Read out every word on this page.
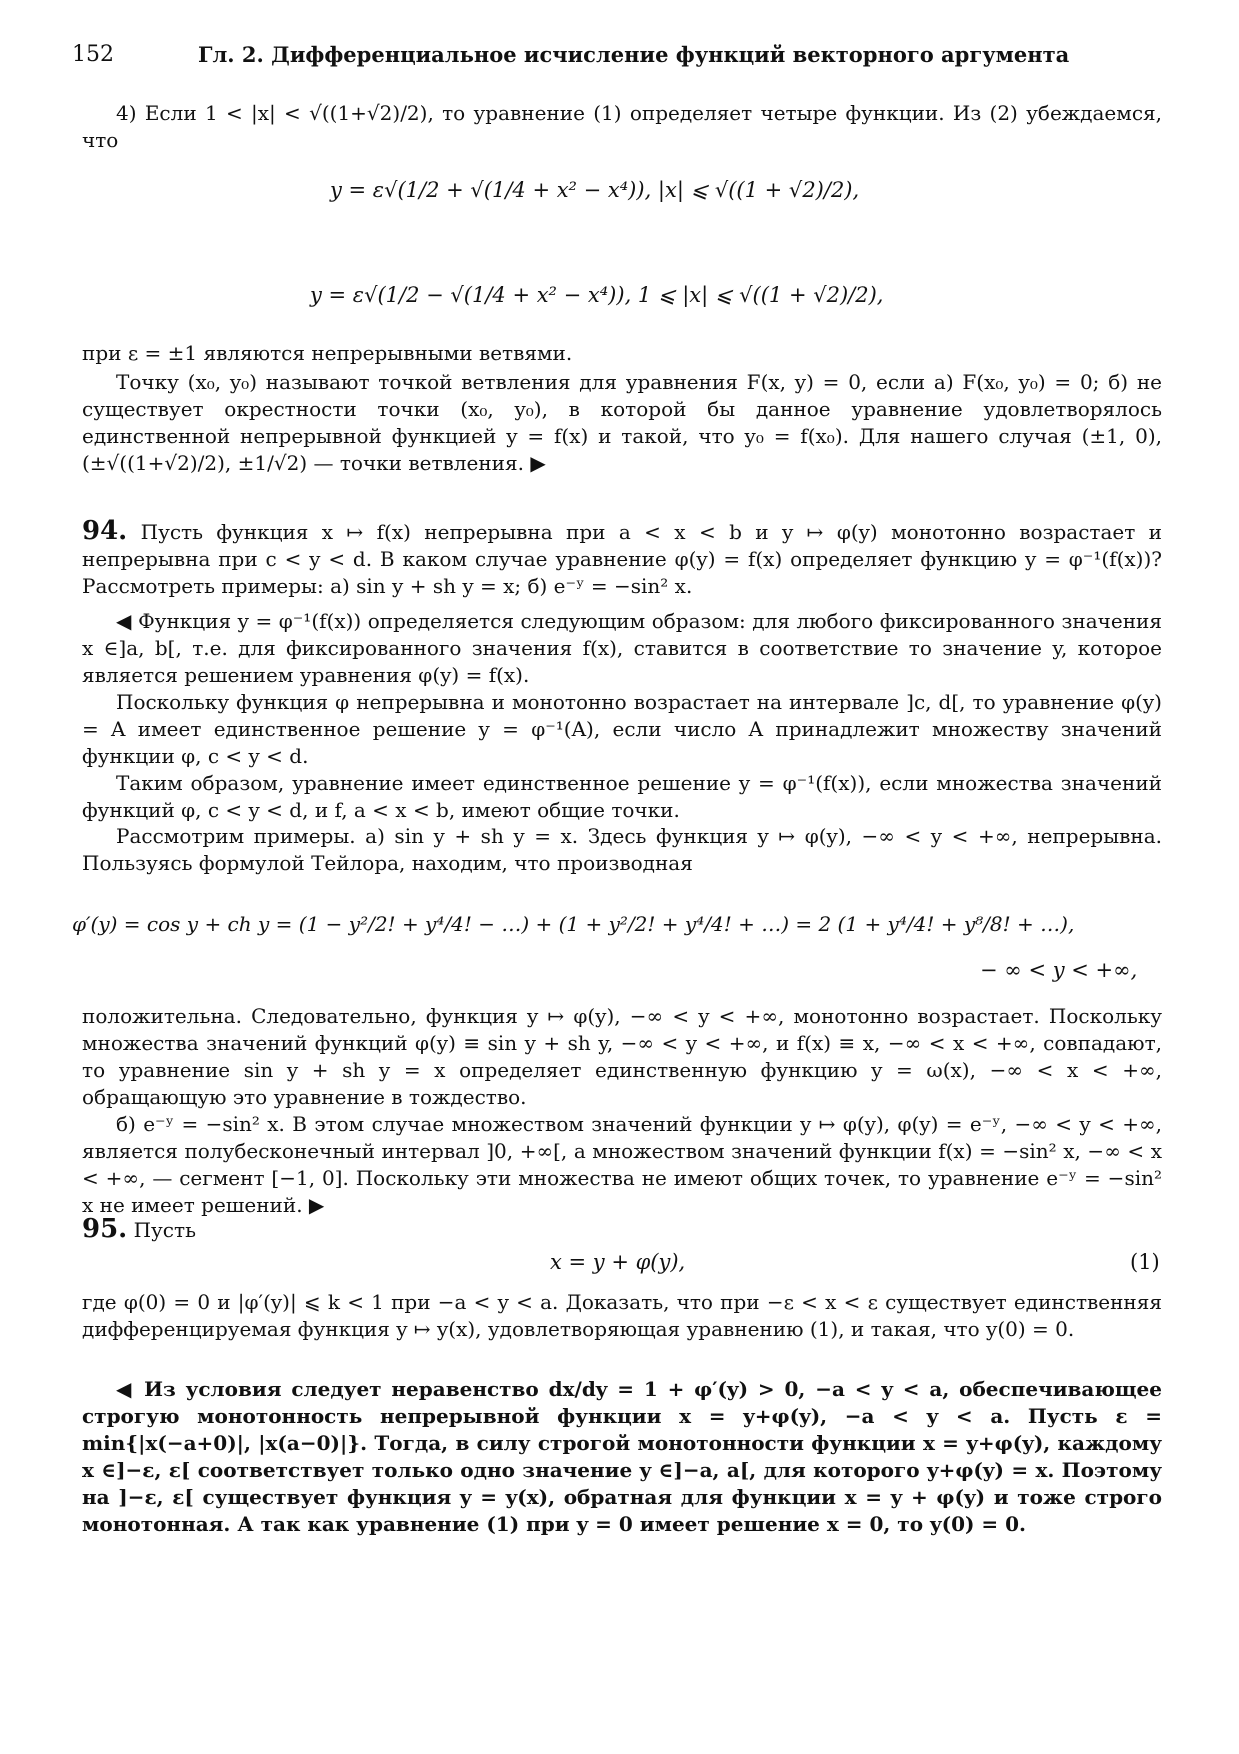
152	Гл. 2. Дифференциальное исчисление функций векторного аргумента
4) Если 1 < |x| < √((1+√2)/2), то уравнение (1) определяет четыре функции. Из (2) убеждаемся, что
y = ε√(1/2 + √(1/4 + x² − x⁴)), |x| ⩽ √((1 + √2)/2),
y = ε√(1/2 − √(1/4 + x² − x⁴)), 1 ⩽ |x| ⩽ √((1 + √2)/2),
при ε = ±1 являются непрерывными ветвями.
Точку (x₀, y₀) называют точкой ветвления для уравнения F(x, y) = 0, если а) F(x₀, y₀) = 0; б) не существует окрестности точки (x₀, y₀), в которой бы данное уравнение удовлетворялось единственной непрерывной функцией y = f(x) и такой, что y₀ = f(x₀). Для нашего случая (±1, 0), (±√((1+√2)/2), ±1/√2) — точки ветвления. ▶
94. Пусть функция x ↦ f(x) непрерывна при a < x < b и y ↦ φ(y) монотонно возрастает и непрерывна при c < y < d. В каком случае уравнение φ(y) = f(x) определяет функцию y = φ⁻¹(f(x))? Рассмотреть примеры: а) sin y + sh y = x; б) e⁻ʸ = −sin² x.
◀ Функция y = φ⁻¹(f(x)) определяется следующим образом: для любого фиксированного значения x ∈]a, b[, т.е. для фиксированного значения f(x), ставится в соответствие то значение y, которое является решением уравнения φ(y) = f(x).
Поскольку функция φ непрерывна и монотонно возрастает на интервале ]c, d[, то уравнение φ(y) = A имеет единственное решение y = φ⁻¹(A), если число A принадлежит множеству значений функции φ, c < y < d.
Таким образом, уравнение имеет единственное решение y = φ⁻¹(f(x)), если множества значений функций φ, c < y < d, и f, a < x < b, имеют общие точки.
Рассмотрим примеры. а) sin y + sh y = x. Здесь функция y ↦ φ(y), −∞ < y < +∞, непрерывна. Пользуясь формулой Тейлора, находим, что производная
φ′(y) = cos y + ch y = (1 − y²/2! + y⁴/4! − …) + (1 + y²/2! + y⁴/4! + …) = 2 (1 + y⁴/4! + y⁸/8! + …),
− ∞ < y < +∞,
положительна. Следовательно, функция y ↦ φ(y), −∞ < y < +∞, монотонно возрастает. Поскольку множества значений функций φ(y) ≡ sin y + sh y, −∞ < y < +∞, и f(x) ≡ x, −∞ < x < +∞, совпадают, то уравнение sin y + sh y = x определяет единственную функцию y = ω(x), −∞ < x < +∞, обращающую это уравнение в тождество.
б) e⁻ʸ = −sin² x. В этом случае множеством значений функции y ↦ φ(y), φ(y) = e⁻ʸ, −∞ < y < +∞, является полубесконечный интервал ]0, +∞[, а множеством значений функции f(x) = −sin² x, −∞ < x < +∞, — сегмент [−1, 0]. Поскольку эти множества не имеют общих точек, то уравнение e⁻ʸ = −sin² x не имеет решений. ▶
95. Пусть
x = y + φ(y),	(1)
где φ(0) = 0 и |φ′(y)| ⩽ k < 1 при −a < y < a. Доказать, что при −ε < x < ε существует единственняя дифференцируемая функция y ↦ y(x), удовлетворяющая уравнению (1), и такая, что y(0) = 0.
◀ Из условия следует неравенство dx/dy = 1 + φ′(y) > 0, −a < y < a, обеспечивающее строгую монотонность непрерывной функции x = y+φ(y), −a < y < a. Пусть ε = min{|x(−a+0)|, |x(a−0)|}. Тогда, в силу строгой монотонности функции x = y+φ(y), каждому x ∈]−ε, ε[ соответствует только одно значение y ∈]−a, a[, для которого y+φ(y) = x. Поэтому на ]−ε, ε[ существует функция y = y(x), обратная для функции x = y + φ(y) и тоже строго монотонная. А так как уравнение (1) при y = 0 имеет решение x = 0, то y(0) = 0.
